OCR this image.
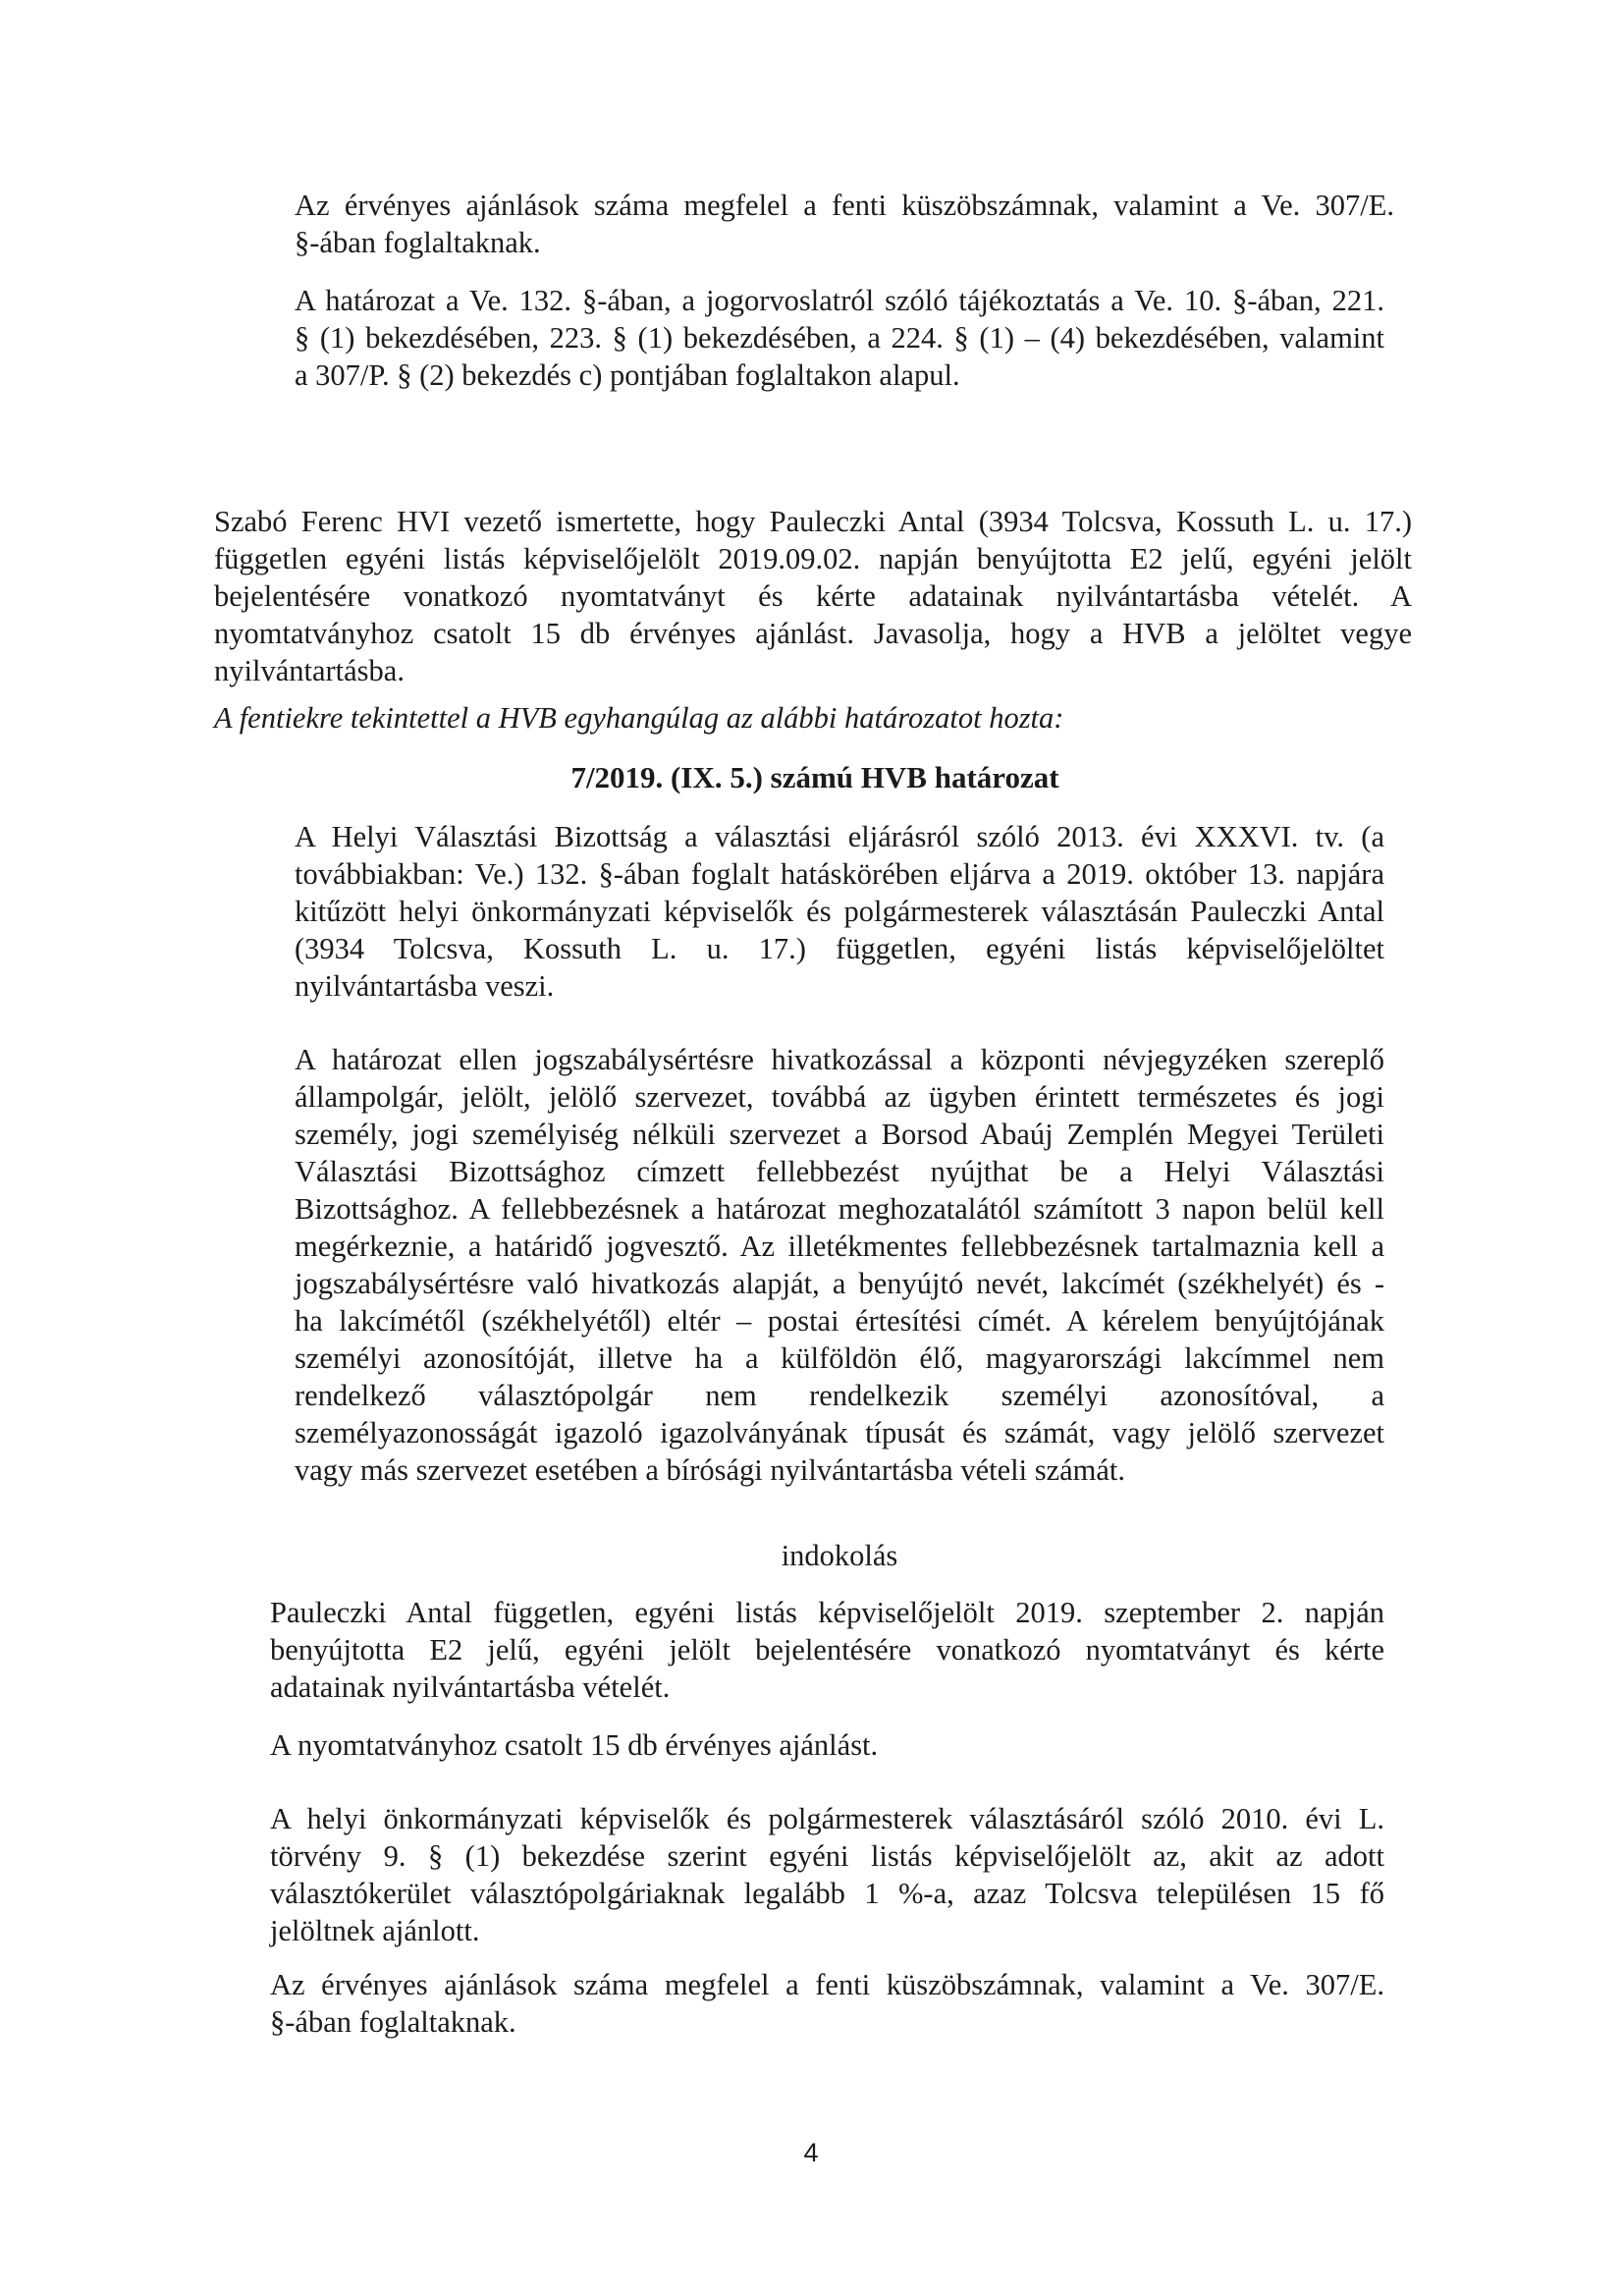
Az érvényes ajánlások száma megfelel a fenti küszöbszámnak, valamint a Ve. 307/E.
§-ában foglaltaknak.
A határozat a Ve. 132. §-ában, a jogorvoslatról szóló tájékoztatás a Ve. 10. §-ában, 221.
§ (1) bekezdésében, 223. § (1) bekezdésében, a 224. § (1) – (4) bekezdésében, valamint
a 307/P. § (2) bekezdés c) pontjában foglaltakon alapul.
Szabó Ferenc HVI vezető ismertette, hogy Pauleczki Antal (3934 Tolcsva, Kossuth L. u. 17.)
független egyéni listás képviselőjelölt 2019.09.02. napján benyújtotta E2 jelű, egyéni jelölt
bejelentésére vonatkozó nyomtatványt és kérte adatainak nyilvántartásba vételét. A
nyomtatványhoz csatolt 15 db érvényes ajánlást. Javasolja, hogy a HVB a jelöltet vegye
nyilvántartásba.
A fentiekre tekintettel a HVB egyhangúlag az alábbi határozatot hozta:
7/2019. (IX. 5.) számú HVB határozat
A Helyi Választási Bizottság a választási eljárásról szóló 2013. évi XXXVI. tv. (a
továbbiakban: Ve.) 132. §-ában foglalt hatáskörében eljárva a 2019. október 13. napjára
kitűzött helyi önkormányzati képviselők és polgármesterek választásán Pauleczki Antal
(3934 Tolcsva, Kossuth L. u. 17.) független, egyéni listás képviselőjelöltet
nyilvántartásba veszi.
A határozat ellen jogszabálysértésre hivatkozással a központi névjegyzéken szereplő
állampolgár, jelölt, jelölő szervezet, továbbá az ügyben érintett természetes és jogi
személy, jogi személyiség nélküli szervezet a Borsod Abaúj Zemplén Megyei Területi
Választási Bizottsághoz címzett fellebbezést nyújthat be a Helyi Választási
Bizottsághoz. A fellebbezésnek a határozat meghozatalától számított 3 napon belül kell
megérkeznie, a határidő jogvesztő. Az illetékmentes fellebbezésnek tartalmaznia kell a
jogszabálysértésre való hivatkozás alapját, a benyújtó nevét, lakcímét (székhelyét) és -
ha lakcímétől (székhelyétől) eltér – postai értesítési címét. A kérelem benyújtójának
személyi azonosítóját, illetve ha a külföldön élő, magyarországi lakcímmel nem
rendelkező választópolgár nem rendelkezik személyi azonosítóval, a
személyazonosságát igazoló igazolványának típusát és számát, vagy jelölő szervezet
vagy más szervezet esetében a bírósági nyilvántartásba vételi számát.
indokolás
Pauleczki Antal független, egyéni listás képviselőjelölt 2019. szeptember 2. napján
benyújtotta E2 jelű, egyéni jelölt bejelentésére vonatkozó nyomtatványt és kérte
adatainak nyilvántartásba vételét.
A nyomtatványhoz csatolt 15 db érvényes ajánlást.
A helyi önkormányzati képviselők és polgármesterek választásáról szóló 2010. évi L.
törvény 9. § (1) bekezdése szerint egyéni listás képviselőjelölt az, akit az adott
választókerület választópolgáriaknak legalább 1 %-a, azaz Tolcsva településen 15 fő
jelöltnek ajánlott.
Az érvényes ajánlások száma megfelel a fenti küszöbszámnak, valamint a Ve. 307/E.
§-ában foglaltaknak.
4
